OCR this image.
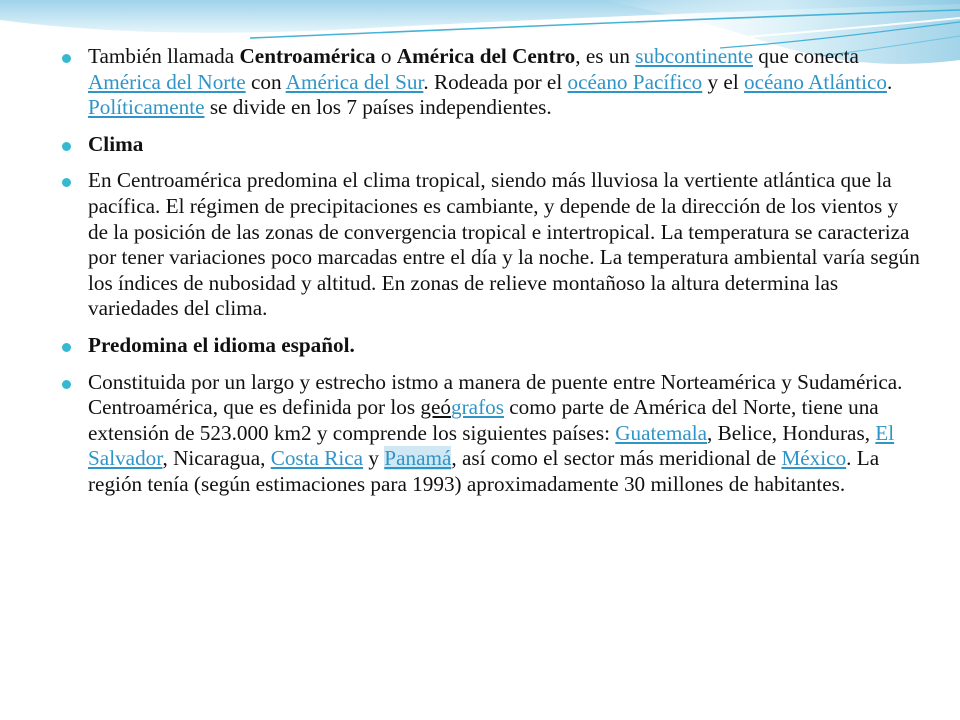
También llamada Centroamérica o América del Centro, es un subcontinente que conecta América del Norte con América del Sur. Rodeada por el océano Pacífico y el océano Atlántico. Políticamente se divide en los 7 países independientes.
Clima
En Centroamérica predomina el clima tropical, siendo más lluviosa la vertiente atlántica que la pacífica. El régimen de precipitaciones es cambiante, y depende de la dirección de los vientos y de la posición de las zonas de convergencia tropical e intertropical. La temperatura se caracteriza por tener variaciones poco marcadas entre el día y la noche. La temperatura ambiental varía según los índices de nubosidad y altitud. En zonas de relieve montañoso la altura determina las variedades del clima.
Predomina el idioma español.
Constituida por un largo y estrecho istmo a manera de puente entre Norteamérica y Sudamérica. Centroamérica, que es definida por los geógrafos como parte de América del Norte, tiene una extensión de 523.000 km2 y comprende los siguientes países: Guatemala, Belice, Honduras, El Salvador, Nicaragua, Costa Rica y Panamá, así como el sector más meridional de México. La región tenía (según estimaciones para 1993) aproximadamente 30 millones de habitantes.
